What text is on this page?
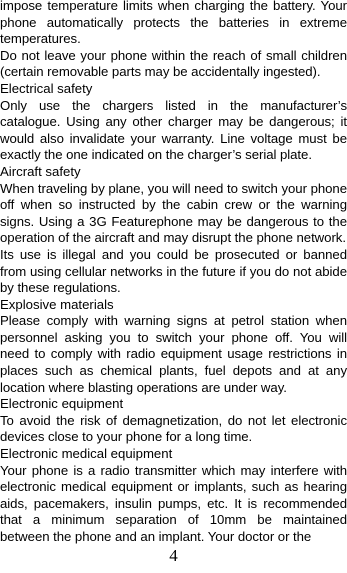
impose temperature limits when charging the battery. Your phone automatically protects the batteries in extreme temperatures.

Do not leave your phone within the reach of small children (certain removable parts may be accidentally ingested).

Electrical safety

Only use the chargers listed in the manufacturer’s catalogue. Using any other charger may be dangerous; it would also invalidate your warranty. Line voltage must be exactly the one indicated on the charger’s serial plate.

Aircraft safety

When traveling by plane, you will need to switch your phone off when so instructed by the cabin crew or the warning signs. Using a 3G Featurephone may be dangerous to the operation of the aircraft and may disrupt the phone network.

Its use is illegal and you could be prosecuted or banned from using cellular networks in the future if you do not abide by these regulations.

Explosive materials

Please comply with warning signs at petrol station when personnel asking you to switch your phone off. You will need to comply with radio equipment usage restrictions in places such as chemical plants, fuel depots and at any location where blasting operations are under way.

Electronic equipment

To avoid the risk of demagnetization, do not let electronic devices close to your phone for a long time.

Electronic medical equipment

Your phone is a radio transmitter which may interfere with electronic medical equipment or implants, such as hearing aids, pacemakers, insulin pumps, etc. It is recommended that a minimum separation of 10mm be maintained between the phone and an implant. Your doctor or the

4
